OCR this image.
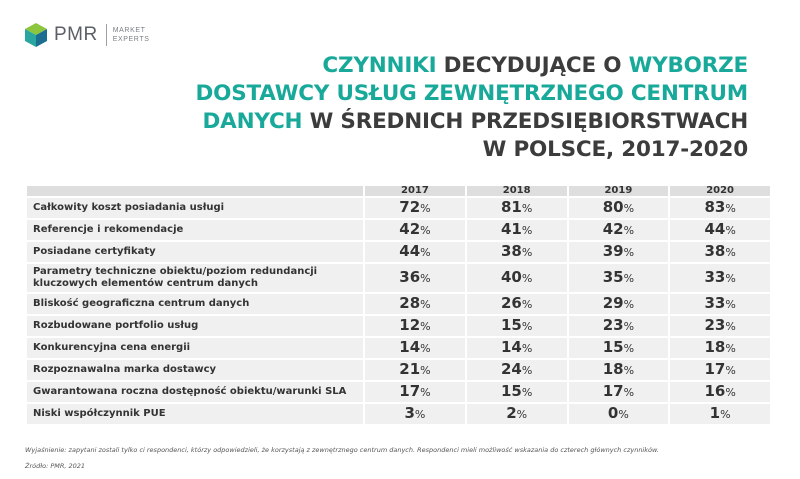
PMR MARKET
EXPERTS
CZYNNIKI DECYDUJĄCE O WYBORZE DOSTAWCY USŁUG ZEWNĘTRZNEGO CENTRUM DANYCH W ŚREDNICH PRZEDSIĘBIORSTWACH W POLSCE, 2017-2020
	2017	2018	2019	2020
Całkowity koszt posiadania usługi	72%	81%	80%	83%
Referencje i rekomendacje	42%	41%	42%	44%
Posiadane certyfikaty	44%	38%	39%	38%
Parametry techniczne obiektu/poziom redundancji kluczowych elementów centrum danych	36%	40%	35%	33%
Bliskość geograficzna centrum danych	28%	26%	29%	33%
Rozbudowane portfolio usług	12%	15%	23%	23%
Konkurencyjna cena energii	14%	14%	15%	18%
Rozpoznawalna marka dostawcy	21%	24%	18%	17%
Gwarantowana roczna dostępność obiektu/warunki SLA	17%	15%	17%	16%
Niski współczynnik PUE	3%	2%	0%	1%
Wyjaśnienie: zapytani zostali tylko ci respondenci, którzy odpowiedzieli, że korzystają z zewnętrznego centrum danych. Respondenci mieli możliwość wskazania do czterech głównych czynników.
Źródło: PMR, 2021
